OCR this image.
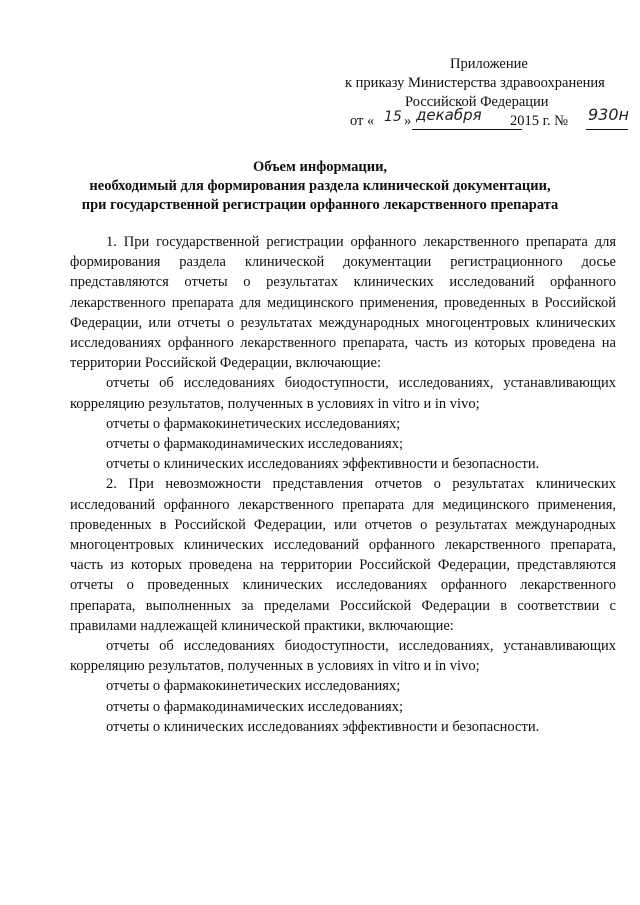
Приложение
к приказу Министерства здравоохранения
Российской Федерации
от « 15 » декабря 2015 г. № 930н
Объем информации,
необходимый для формирования раздела клинической документации,
при государственной регистрации орфанного лекарственного препарата
1. При государственной регистрации орфанного лекарственного препарата для формирования раздела клинической документации регистрационного досье представляются отчеты о результатах клинических исследований орфанного лекарственного препарата для медицинского применения, проведенных в Российской Федерации, или отчеты о результатах международных многоцентровых клинических исследованиях орфанного лекарственного препарата, часть из которых проведена на территории Российской Федерации, включающие:
отчеты об исследованиях биодоступности, исследованиях, устанавливающих корреляцию результатов, полученных в условиях in vitro и in vivo;
отчеты о фармакокинетических исследованиях;
отчеты о фармакодинамических исследованиях;
отчеты о клинических исследованиях эффективности и безопасности.
2. При невозможности представления отчетов о результатах клинических исследований орфанного лекарственного препарата для медицинского применения, проведенных в Российской Федерации, или отчетов о результатах международных многоцентровых клинических исследований орфанного лекарственного препарата, часть из которых проведена на территории Российской Федерации, представляются отчеты о проведенных клинических исследованиях орфанного лекарственного препарата, выполненных за пределами Российской Федерации в соответствии с правилами надлежащей клинической практики, включающие:
отчеты об исследованиях биодоступности, исследованиях, устанавливающих корреляцию результатов, полученных в условиях in vitro и in vivo;
отчеты о фармакокинетических исследованиях;
отчеты о фармакодинамических исследованиях;
отчеты о клинических исследованиях эффективности и безопасности.
